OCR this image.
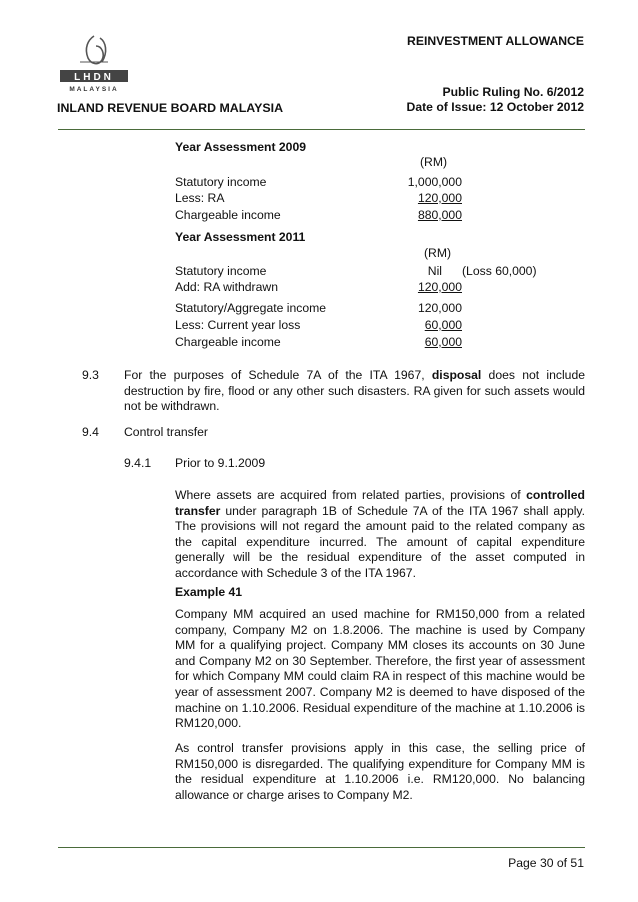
LHDN
MALAYSIA
REINVESTMENT ALLOWANCE
INLAND REVENUE BOARD MALAYSIA
Public Ruling No. 6/2012
Date of Issue: 12 October 2012
Year Assessment 2009
(RM)
Statutory income	1,000,000
Less: RA	120,000
Chargeable income	880,000
Year Assessment 2011
(RM)
Statutory income	Nil (Loss 60,000)
Add: RA withdrawn	120,000
Statutory/Aggregate income	120,000
Less: Current year loss	60,000
Chargeable income	60,000
9.3 For the purposes of Schedule 7A of the ITA 1967, disposal does not include destruction by fire, flood or any other such disasters. RA given for such assets would not be withdrawn.
9.4 Control transfer
9.4.1 Prior to 9.1.2009
Where assets are acquired from related parties, provisions of controlled transfer under paragraph 1B of Schedule 7A of the ITA 1967 shall apply. The provisions will not regard the amount paid to the related company as the capital expenditure incurred. The amount of capital expenditure generally will be the residual expenditure of the asset computed in accordance with Schedule 3 of the ITA 1967.
Example 41
Company MM acquired an used machine for RM150,000 from a related company, Company M2 on 1.8.2006. The machine is used by Company MM for a qualifying project. Company MM closes its accounts on 30 June and Company M2 on 30 September. Therefore, the first year of assessment for which Company MM could claim RA in respect of this machine would be year of assessment 2007. Company M2 is deemed to have disposed of the machine on 1.10.2006. Residual expenditure of the machine at 1.10.2006 is RM120,000.
As control transfer provisions apply in this case, the selling price of RM150,000 is disregarded. The qualifying expenditure for Company MM is the residual expenditure at 1.10.2006 i.e. RM120,000. No balancing allowance or charge arises to Company M2.
Page 30 of 51
